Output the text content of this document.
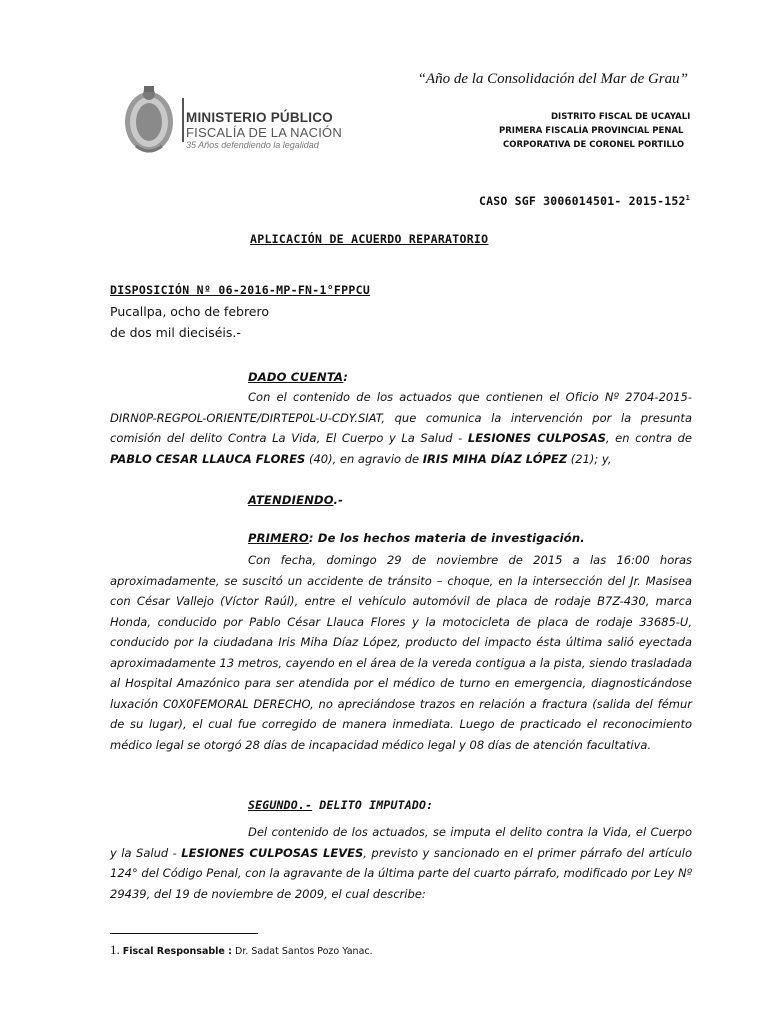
MINISTERIO PÚBLICO
FISCALÍA DE LA NACIÓN
35 Años defendiendo la legalidad
“Año de la Consolidación del Mar de Grau”
DISTRITO FISCAL DE UCAYALI
PRIMERA FISCALÍA PROVINCIAL PENAL
CORPORATIVA DE CORONEL PORTILLO
CASO SGF 3006014501- $2015-152^1$
APLICACIÓN DE ACUERDO REPARATORIO
DISPOSICIÓN Nº 06-2016-MP-FN-1°FPPCU
Pucallpa, ocho de febrero
de dos mil dieciséis.-
DADO CUENTA:
Con el contenido de los actuados que contienen el Oficio Nº 2704-2015-DIRN0P-REGPOL-ORIENTE/DIRTEP0L-U-CDY.SIAT, que comunica la intervención por la presunta comisión del delito Contra La Vida, El Cuerpo y La Salud - LESIONES CULPOSAS, en contra de PABLO CESAR LLAUCA FLORES (40), en agravio de IRIS MIHA DÍAZ LÓPEZ (21); y,
ATENDIENDO.-
PRIMERO: De los hechos materia de investigación.
Con fecha, domingo 29 de noviembre de 2015 a las 16:00 horas aproximadamente, se suscitó un accidente de tránsito – choque, en la intersección del Jr. Masisea con César Vallejo (Víctor Raúl), entre el vehículo automóvil de placa de rodaje B7Z-430, marca Honda, conducido por Pablo César Llauca Flores y la motocicleta de placa de rodaje 33685-U, conducido por la ciudadana Iris Miha Díaz López, producto del impacto ésta última salió eyectada aproximadamente 13 metros, cayendo en el área de la vereda contigua a la pista, siendo trasladada al Hospital Amazónico para ser atendida por el médico de turno en emergencia, diagnosticándose luxación C0X0FEMORAL DERECHO, no apreciándose trazos en relación a fractura (salida del fémur de su lugar), el cual fue corregido de manera inmediata. Luego de practicado el reconocimiento médico legal se otorgó 28 días de incapacidad médico legal y 08 días de atención facultativa.
SEGUNDO.- DELITO IMPUTADO:
Del contenido de los actuados, se imputa el delito contra la Vida, el Cuerpo y la Salud - LESIONES CULPOSAS LEVES, previsto y sancionado en el primer párrafo del artículo 124° del Código Penal, con la agravante de la última parte del cuarto párrafo, modificado por Ley Nº 29439, del 19 de noviembre de 2009, el cual describe:
1. Fiscal Responsable : Dr. Sadat Santos Pozo Yanac.
